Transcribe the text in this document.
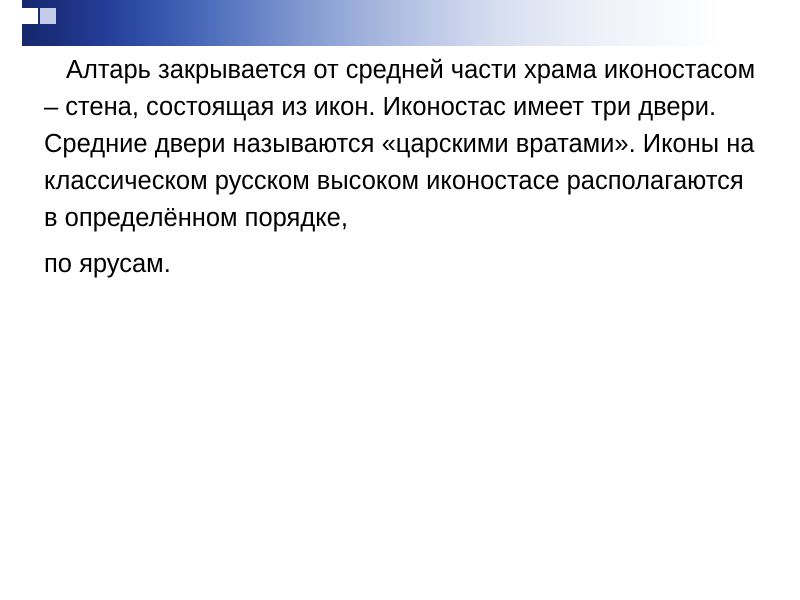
Алтарь закрывается от средней части храма иконостасом – стена, состоящая из икон. Иконостас имеет три двери. Средние двери называются «царскими вратами». Иконы на классическом русском высоком иконостасе располагаются в определённом порядке,

по ярусам.
